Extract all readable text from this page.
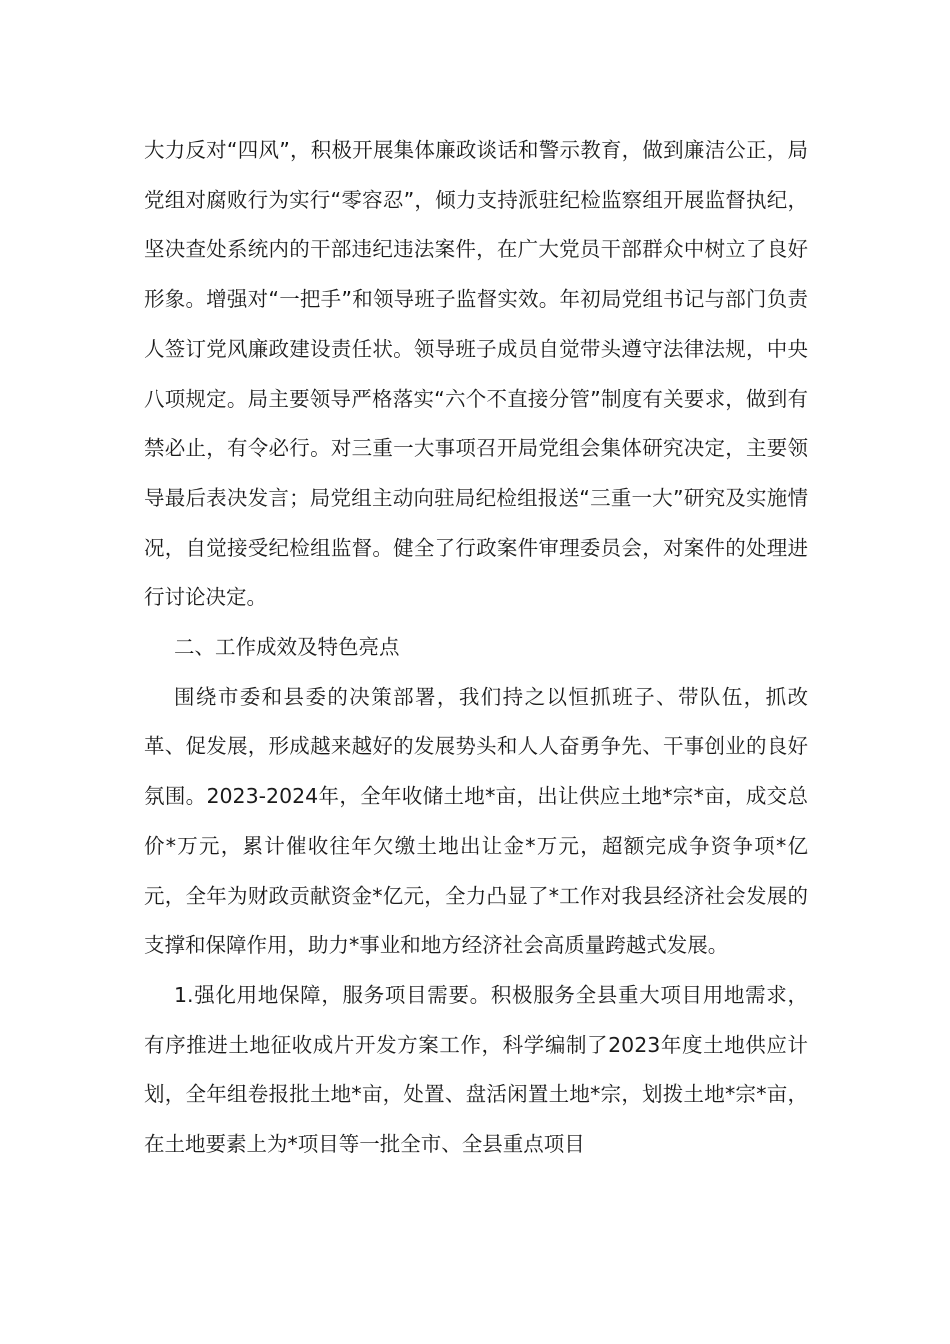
大力反对“四风”，积极开展集体廉政谈话和警示教育，做到廉洁公正，局党组对腐败行为实行“零容忍”，倾力支持派驻纪检监察组开展监督执纪，坚决查处系统内的干部违纪违法案件，在广大党员干部群众中树立了良好形象。增强对“一把手”和领导班子监督实效。年初局党组书记与部门负责人签订党风廉政建设责任状。领导班子成员自觉带头遵守法律法规，中央八项规定。局主要领导严格落实“六个不直接分管”制度有关要求，做到有禁必止，有令必行。对三重一大事项召开局党组会集体研究决定，主要领导最后表决发言；局党组主动向驻局纪检组报送“三重一大”研究及实施情况，自觉接受纪检组监督。健全了行政案件审理委员会，对案件的处理进行讨论决定。

二、工作成效及特色亮点

围绕市委和县委的决策部署，我们持之以恒抓班子、带队伍，抓改革、促发展，形成越来越好的发展势头和人人奋勇争先、干事创业的良好氛围。2023-2024年，全年收储土地*亩，出让供应土地*宗*亩，成交总价*万元，累计催收往年欠缴土地出让金*万元，超额完成争资争项*亿元，全年为财政贡献资金*亿元，全力凸显了*工作对我县经济社会发展的支撑和保障作用，助力*事业和地方经济社会高质量跨越式发展。

1.强化用地保障，服务项目需要。积极服务全县重大项目用地需求，有序推进土地征收成片开发方案工作，科学编制了2023年度土地供应计划，全年组卷报批土地*亩，处置、盘活闲置土地*宗，划拨土地*宗*亩，在土地要素上为*项目等一批全市、全县重点项目
